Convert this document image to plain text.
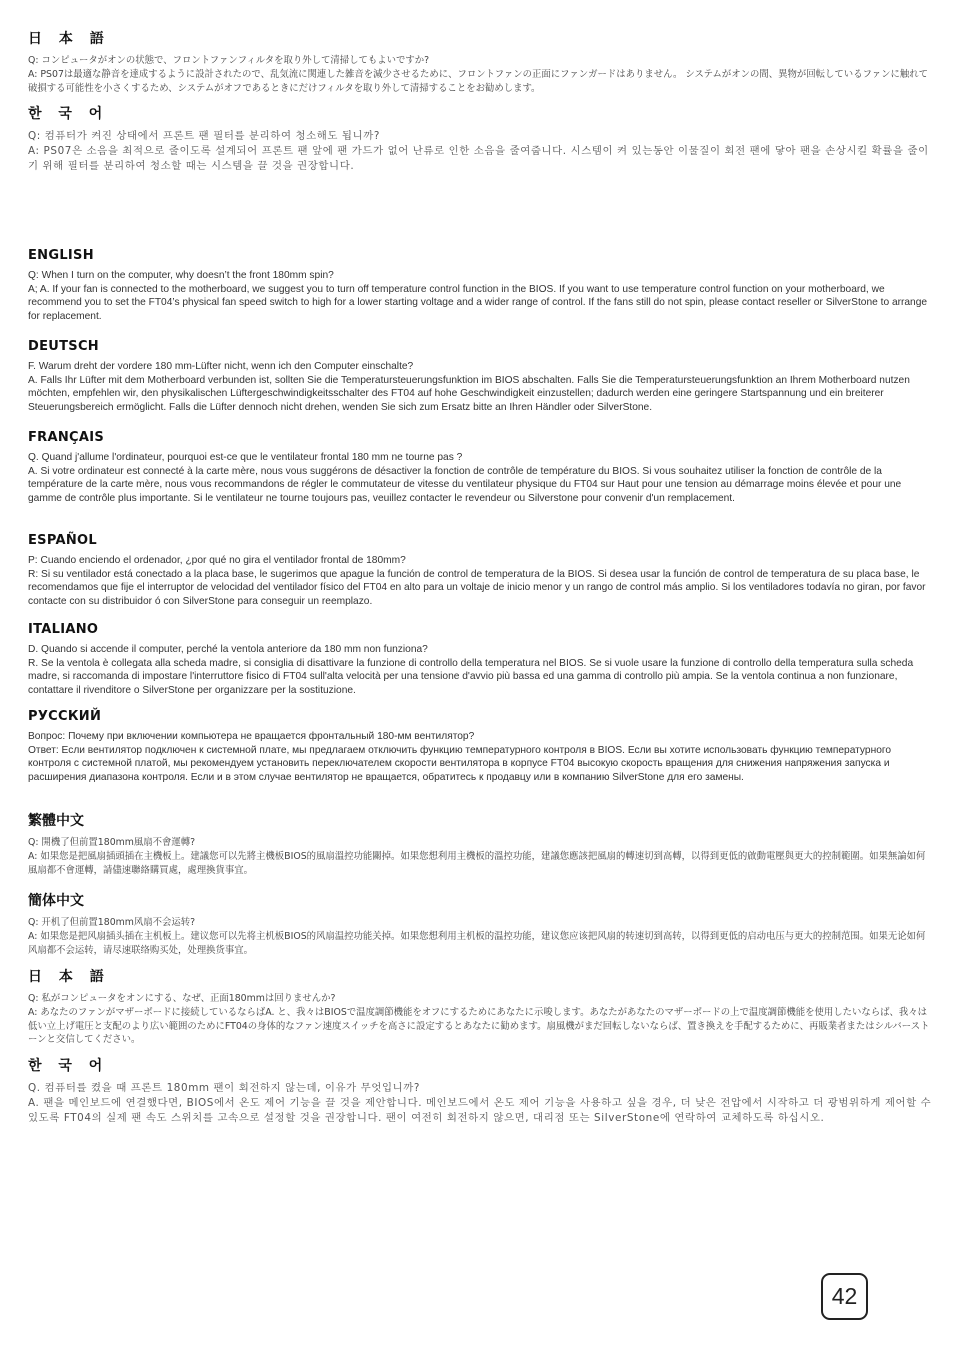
日 本 語

Q: コンピュータがオンの状態で、フロントファンフィルタを取り外して清掃してもよいですか?

A: PS07は最適な静音を達成するように設計されたので、乱気流に関連した雑音を減少させるために、フロントファンの正面にファンガードはありません。 システムがオンの間、異物が回転しているファンに触れて破損する可能性を小さくするため、システムがオフであるときにだけフィルタを取り外して清掃することをお勧めします。

한 국 어

Q: 컴퓨터가 켜진 상태에서 프론트 팬 필터를 분리하여 청소해도 됩니까?

A: PS07은 소음을 최적으로 줄이도록 설계되어 프론트 팬 앞에 팬 가드가 없어 난류로 인한 소음을 줄여줍니다. 시스템이 켜 있는동안 이물질이 회전 팬에 닿아 팬을 손상시킬 확률을 줄이기 위해 필터를 분리하여 청소할 때는 시스템을 끌 것을 권장합니다.

ENGLISH

Q: When I turn on the computer, why doesn’t the front 180mm spin?

A; A. If your fan is connected to the motherboard, we suggest you to turn off temperature control function in the BIOS. If you want to use temperature control function on your motherboard, we recommend you to set the FT04’s physical fan speed switch to high for a lower starting voltage and a wider range of control. If the fans still do not spin, please contact reseller or SilverStone to arrange for replacement.

DEUTSCH

F. Warum dreht der vordere 180 mm-Lüfter nicht, wenn ich den Computer einschalte?

A. Falls Ihr Lüfter mit dem Motherboard verbunden ist, sollten Sie die Temperatursteuerungsfunktion im BIOS abschalten. Falls Sie die Temperatursteuerungsfunktion an Ihrem Motherboard nutzen möchten, empfehlen wir, den physikalischen Lüftergeschwindigkeitsschalter des FT04 auf hohe Geschwindigkeit einzustellen; dadurch werden eine geringere Startspannung und ein breiterer Steuerungsbereich ermöglicht. Falls die Lüfter dennoch nicht drehen, wenden Sie sich zum Ersatz bitte an Ihren Händler oder SilverStone.

FRANÇAIS

Q. Quand j'allume l'ordinateur, pourquoi est-ce que le ventilateur frontal 180 mm ne tourne pas ?

A. Si votre ordinateur est connecté à la carte mère, nous vous suggérons de désactiver la fonction de contrôle de température du BIOS. Si vous souhaitez utiliser la fonction de contrôle de la température de la carte mère, nous vous recommandons de régler le commutateur de vitesse du ventilateur physique du FT04 sur Haut pour une tension au démarrage moins élevée et pour une gamme de contrôle plus importante. Si le ventilateur ne tourne toujours pas, veuillez contacter le revendeur ou Silverstone pour convenir d'un remplacement.

ESPAÑOL

P: Cuando enciendo el ordenador, ¿por qué no gira el ventilador frontal de 180mm?

R: Si su ventilador está conectado a la placa base, le sugerimos que apague la función de control de temperatura de la BIOS. Si desea usar la función de control de temperatura de su placa base, le recomendamos que fije el interruptor de velocidad del ventilador físico del FT04 en alto para un voltaje de inicio menor y un rango de control más amplio. Si los ventiladores todavía no giran, por favor contacte con su distribuidor ó con SilverStone para conseguir un reemplazo.

ITALIANO

D. Quando si accende il computer, perché la ventola anteriore da 180 mm non funziona?

R. Se la ventola è collegata alla scheda madre, si consiglia di disattivare la funzione di controllo della temperatura nel BIOS. Se si vuole usare la funzione di controllo della temperatura sulla scheda madre, si raccomanda di impostare l'interruttore fisico di FT04 sull'alta velocità per una tensione d'avvio più bassa ed una gamma di controllo più ampia. Se la ventola continua a non funzionare, contattare il rivenditore o SilverStone per organizzare per la sostituzione.

РУССКИЙ

Вопрос: Почему при включении компьютера не вращается фронтальный 180-мм вентилятор?

Ответ: Если вентилятор подключен к системной плате, мы предлагаем отключить функцию температурного контроля в BIOS. Если вы хотите использовать функцию температурного контроля с системной платой, мы рекомендуем установить переключателем скорости вентилятора в корпусе FT04 высокую скорость вращения для снижения напряжения запуска и расширения диапазона контроля. Если и в этом случае вентилятор не вращается, обратитесь к продавцу или в компанию SilverStone для его замены.

繁體中文

Q: 開機了但前置180mm風扇不會運轉?

A: 如果您是把風扇插頭插在主機板上。建議您可以先將主機板BIOS的風扇溫控功能關掉。如果您想利用主機板的溫控功能，建議您應該把風扇的轉速切到高轉，以得到更低的啟動電壓與更大的控制範圍。如果無論如何風扇都不會運轉，請儘速聯絡購買處，處理換貨事宜。

簡体中文

Q: 开机了但前置180mm风扇不会运转?

A: 如果您是把风扇插头插在主机板上。建议您可以先将主机板BIOS的风扇温控功能关掉。如果您想利用主机板的温控功能，建议您应该把风扇的转速切到高转，以得到更低的启动电压与更大的控制范围。如果无论如何风扇都不会运转，请尽速联络购买处，处理换货事宜。

日 本 語

Q: 私がコンピュータをオンにする、なぜ、正面180mmは回りませんか?

A: あなたのファンがマザーボードに接続しているならばA. と、我々はBIOSで温度調節機能をオフにするためにあなたに示唆します。あなたがあなたのマザーボードの上で温度調節機能を使用したいならば、我々は低い立上げ電圧と支配のより広い範囲のためにFT04の身体的なファン速度スイッチを高さに設定するとあなたに勧めます。扇風機がまだ回転しないならば、置き換えを手配するために、再販業者またはシルバーストーンと交信してください。

한 국 어

Q. 컴퓨터를 켰을 때 프론트 180mm 팬이 회전하지 않는데, 이유가 무엇입니까?

A. 팬을 메인보드에 연결했다면, BIOS에서 온도 제어 기능을 끌 것을 제안합니다. 메인보드에서 온도 제어 기능을 사용하고 싶을 경우, 더 낮은 전압에서 시작하고 더 광범위하게 제어할 수 있도록 FT04의 실제 팬 속도 스위치를 고속으로 설정할 것을 권장합니다. 팬이 여전히 회전하지 않으면, 대리점 또는 SilverStone에 연락하여 교체하도록 하십시오.

42
